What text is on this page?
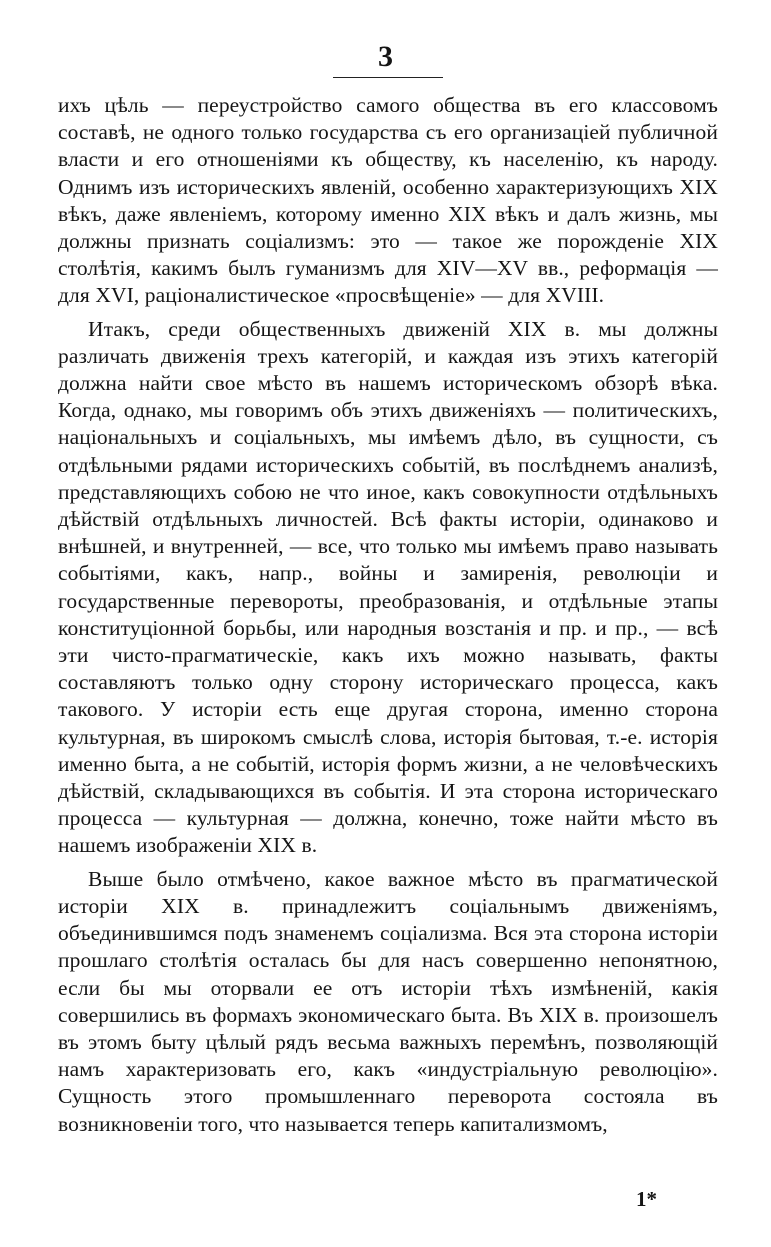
3

ихъ цѣль — переустройство самого общества въ его классовомъ составѣ, не одного только государства съ его организаціей публичной власти и его отношеніями къ обществу, къ населенію, къ народу. Однимъ изъ историческихъ явленій, особенно характеризующихъ XIX вѣкъ, даже явленіемъ, которому именно XIX вѣкъ и далъ жизнь, мы должны признать соціализмъ: это — такое же порожденіе XIX столѣтія, какимъ былъ гуманизмъ для XIV—XV вв., реформація — для XVI, раціоналистическое «просвѣщеніе» — для XVIII.

Итакъ, среди общественныхъ движеній XIX в. мы должны различать движенія трехъ категорій, и каждая изъ этихъ категорій должна найти свое мѣсто въ нашемъ историческомъ обзорѣ вѣка. Когда, однако, мы говоримъ объ этихъ движеніяхъ — политическихъ, національныхъ и соціальныхъ, мы имѣемъ дѣло, въ сущности, съ отдѣльными рядами историческихъ событій, въ послѣднемъ анализѣ, представляющихъ собою не что иное, какъ совокупности отдѣльныхъ дѣйствій отдѣльныхъ личностей. Всѣ факты исторіи, одинаково и внѣшней, и внутренней, — все, что только мы имѣемъ право называть событіями, какъ, напр., войны и замиренія, революціи и государственные перевороты, преобразованія, и отдѣльные этапы конституціонной борьбы, или народныя возстанія и пр. и пр., — всѣ эти чисто-прагматическіе, какъ ихъ можно называть, факты составляютъ только одну сторону историческаго процесса, какъ такового. У исторіи есть еще другая сторона, именно сторона культурная, въ широкомъ смыслѣ слова, исторія бытовая, т.-е. исторія именно быта, а не событій, исторія формъ жизни, а не человѣческихъ дѣйствій, складывающихся въ событія. И эта сторона историческаго процесса — культурная — должна, конечно, тоже найти мѣсто въ нашемъ изображеніи XIX в.

Выше было отмѣчено, какое важное мѣсто въ прагматической исторіи XIX в. принадлежитъ соціальнымъ движеніямъ, объединившимся подъ знаменемъ соціализма. Вся эта сторона исторіи прошлаго столѣтія осталась бы для насъ совершенно непонятною, если бы мы оторвали ее отъ исторіи тѣхъ измѣненій, какія совершились въ формахъ экономическаго быта. Въ XIX в. произошелъ въ этомъ быту цѣлый рядъ весьма важныхъ перемѣнъ, позволяющій намъ характеризовать его, какъ «индустріальную революцію». Сущность этого промышленнаго переворота состояла въ возникновеніи того, что называется теперь капитализмомъ,

1*
